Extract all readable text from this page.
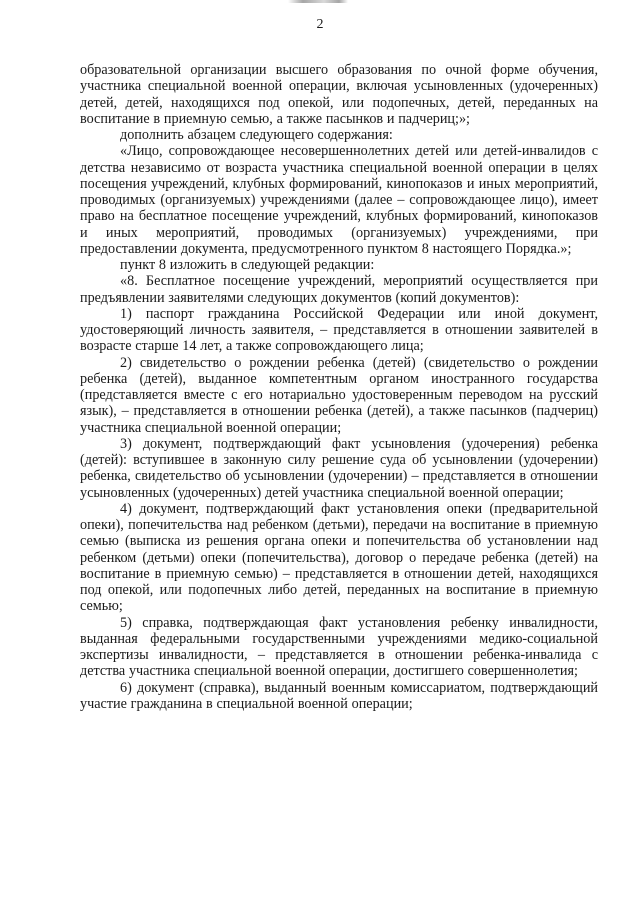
2

образовательной организации высшего образования по очной форме обучения, участника специальной военной операции, включая усыновленных (удочеренных) детей, детей, находящихся под опекой, или подопечных, детей, переданных на воспитание в приемную семью, а также пасынков и падчериц;»;

дополнить абзацем следующего содержания:

«Лицо, сопровождающее несовершеннолетних детей или детей-инвалидов с детства независимо от возраста участника специальной военной операции в целях посещения учреждений, клубных формирований, кинопоказов и иных мероприятий, проводимых (организуемых) учреждениями (далее – сопровождающее лицо), имеет право на бесплатное посещение учреждений, клубных формирований, кинопоказов и иных мероприятий, проводимых (организуемых) учреждениями, при предоставлении документа, предусмотренного пунктом 8 настоящего Порядка.»;

пункт 8 изложить в следующей редакции:

«8. Бесплатное посещение учреждений, мероприятий осуществляется при предъявлении заявителями следующих документов (копий документов):

1) паспорт гражданина Российской Федерации или иной документ, удостоверяющий личность заявителя, – представляется в отношении заявителей в возрасте старше 14 лет, а также сопровождающего лица;

2) свидетельство о рождении ребенка (детей) (свидетельство о рождении ребенка (детей), выданное компетентным органом иностранного государства (представляется вместе с его нотариально удостоверенным переводом на русский язык), – представляется в отношении ребенка (детей), а также пасынков (падчериц) участника специальной военной операции;

3) документ, подтверждающий факт усыновления (удочерения) ребенка (детей): вступившее в законную силу решение суда об усыновлении (удочерении) ребенка, свидетельство об усыновлении (удочерении) – представляется в отношении усыновленных (удочеренных) детей участника специальной военной операции;

4) документ, подтверждающий факт установления опеки (предварительной опеки), попечительства над ребенком (детьми), передачи на воспитание в приемную семью (выписка из решения органа опеки и попечительства об установлении над ребенком (детьми) опеки (попечительства), договор о передаче ребенка (детей) на воспитание в приемную семью) – представляется в отношении детей, находящихся под опекой, или подопечных либо детей, переданных на воспитание в приемную семью;

5) справка, подтверждающая факт установления ребенку инвалидности, выданная федеральными государственными учреждениями медико-социальной экспертизы инвалидности, – представляется в отношении ребенка-инвалида с детства участника специальной военной операции, достигшего совершеннолетия;

6) документ (справка), выданный военным комиссариатом, подтверждающий участие гражданина в специальной военной операции;
